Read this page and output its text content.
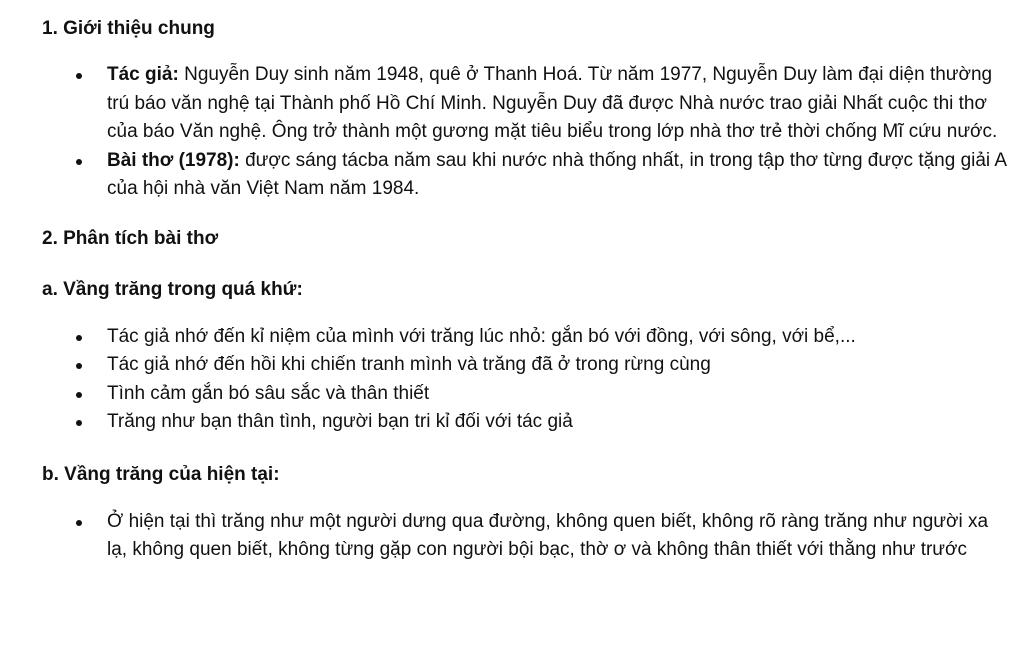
1. Giới thiệu chung
Tác giả: Nguyễn Duy sinh năm 1948, quê ở Thanh Hoá. Từ năm 1977, Nguyễn Duy làm đại diện thường trú báo văn nghệ tại Thành phố Hồ Chí Minh. Nguyễn Duy đã được Nhà nước trao giải Nhất cuộc thi thơ của báo Văn nghệ. Ông trở thành một gương mặt tiêu biểu trong lớp nhà thơ trẻ thời chống Mĩ cứu nước.
Bài thơ (1978): được sáng tácba năm sau khi nước nhà thống nhất, in trong tập thơ từng được tặng giải A của hội nhà văn Việt Nam năm 1984.
2. Phân tích bài thơ
a. Vầng trăng trong quá khứ:
Tác giả nhớ đến kỉ niệm của mình với trăng lúc nhỏ: gắn bó với đồng, với sông, với bể,...
Tác giả nhớ đến hồi khi chiến tranh mình và trăng đã ở trong rừng cùng
Tình cảm gắn bó sâu sắc và thân thiết
Trăng như bạn thân tình, người bạn tri kỉ đối với tác giả
b. Vầng trăng của hiện tại:
Ở hiện tại thì trăng như một người dưng qua đường, không quen biết, không rõ ràng trăng như người xa lạ, không quen biết, không từng gặp con người bội bạc, thờ ơ và không thân thiết với thằng như trước
